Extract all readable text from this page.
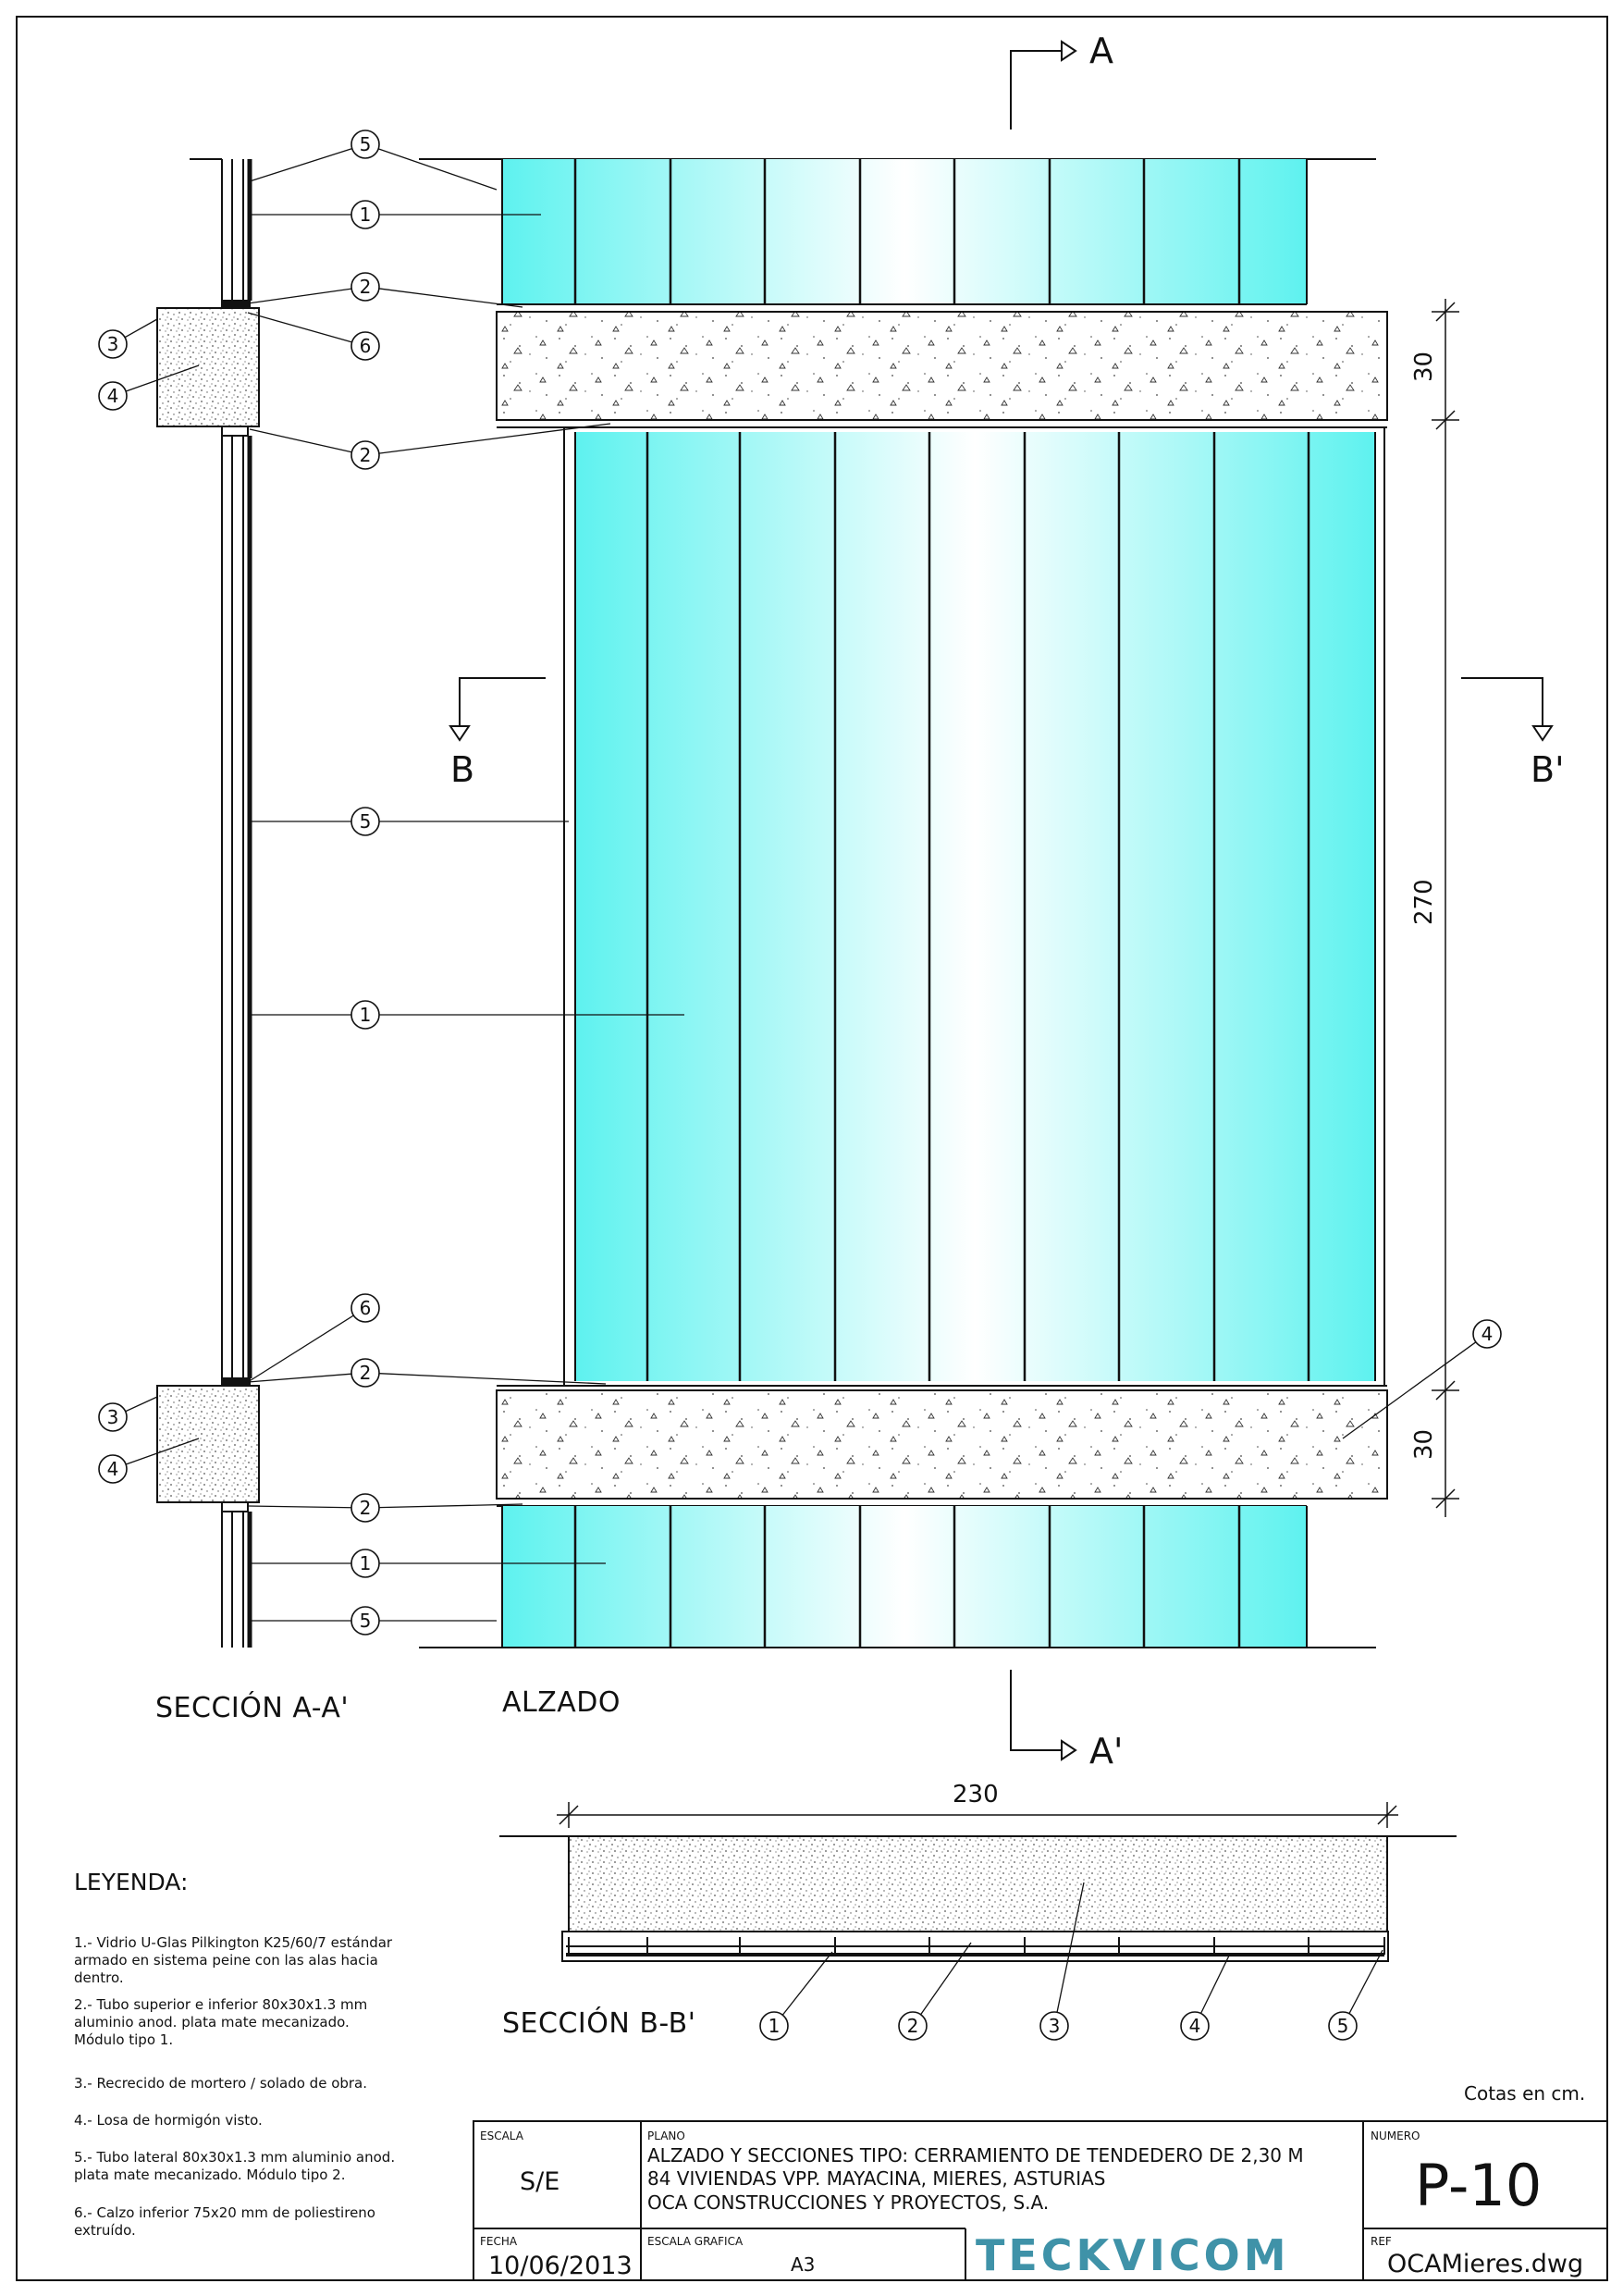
5
1
2
6
3
4
2
5
1
6
2
3
4
2
1
5
4
1	2	3	4	5
A
A'
B	B'
SECCIÓN A-A'	ALZADO
SECCIÓN B-B'
30
270
30
230
Cotas en cm.
LEYENDA:
1.- Vidrio U-Glas Pilkington K25/60/7 estándar
armado en sistema peine con las alas hacia
dentro.
2.- Tubo superior e inferior 80x30x1.3 mm
aluminio anod. plata mate mecanizado.
Módulo tipo 1.
3.- Recrecido de mortero / solado de obra.
4.- Losa de hormigón visto.
5.- Tubo lateral 80x30x1.3 mm aluminio anod.
plata mate mecanizado. Módulo tipo 2.
6.- Calzo inferior 75x20 mm de poliestireno
extruído.
ESCALA
S/E
FECHA
10/06/2013
PLANO
ALZADO Y SECCIONES TIPO: CERRAMIENTO DE TENDEDERO DE 2,30 M
84 VIVIENDAS VPP. MAYACINA, MIERES, ASTURIAS
OCA CONSTRUCCIONES Y PROYECTOS, S.A.
ESCALA GRAFICA
A3	TECKVICOM
NUMERO
P-10
REF
OCAMieres.dwg
